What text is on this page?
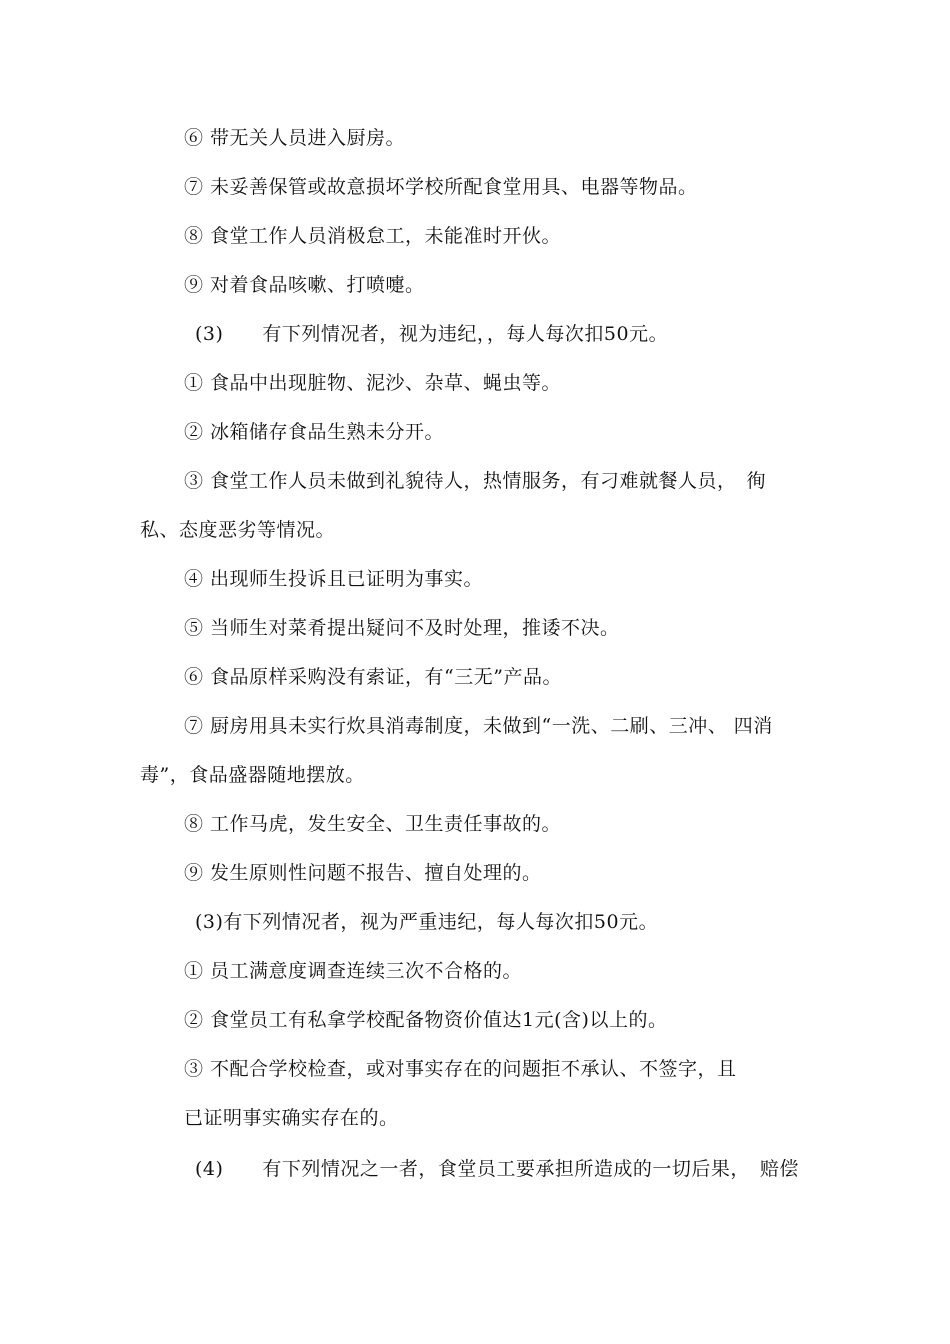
⑥ 带无关人员进入厨房。
⑦ 未妥善保管或故意损坏学校所配食堂用具、电器等物品。
⑧ 食堂工作人员消极怠工，未能准时开伙。
⑨ 对着食品咳嗽、打喷嚏。
(3)　　有下列情况者，视为违纪，，每人每次扣50元。
① 食品中出现脏物、泥沙、杂草、蝇虫等。
② 冰箱储存食品生熟未分开。
③ 食堂工作人员未做到礼貌待人，热情服务，有刁难就餐人员，　徇
私、态度恶劣等情况。
④ 出现师生投诉且已证明为事实。
⑤ 当师生对菜肴提出疑问不及时处理，推诿不决。
⑥ 食品原样采购没有索证，有“三无”产品。
⑦ 厨房用具未实行炊具消毒制度，未做到“一洗、二刷、三冲、 四消
毒”，食品盛器随地摆放。
⑧ 工作马虎，发生安全、卫生责任事故的。
⑨ 发生原则性问题不报告、擅自处理的。
(3)有下列情况者，视为严重违纪，每人每次扣50元。
① 员工满意度调查连续三次不合格的。
② 食堂员工有私拿学校配备物资价值达1元(含)以上的。
③ 不配合学校检查，或对事实存在的问题拒不承认、不签字，且
已证明事实确实存在的。
(4)　　有下列情况之一者，食堂员工要承担所造成的一切后果，　赔偿
